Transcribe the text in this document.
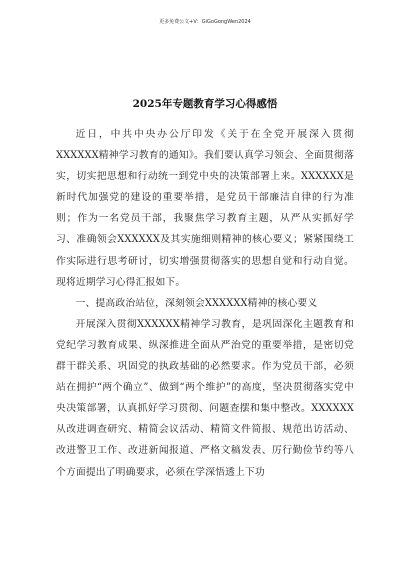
更多免费公文+V：GiGoGongWen2024
2025年专题教育学习心得感悟

近日，中共中央办公厅印发《关于在全党开展深入贯彻XXXXXX精神学习教育的通知》。我们要认真学习领会、全面贯彻落实，切实把思想和行动统一到党中央的决策部署上来。XXXXXX是新时代加强党的建设的重要举措，是党员干部廉洁自律的行为准则；作为一名党员干部，我聚焦学习教育主题，从严从实抓好学习、准确领会XXXXXX及其实施细则精神的核心要义；紧紧围绕工作实际进行思考研讨，切实增强贯彻落实的思想自觉和行动自觉。现将近期学习心得汇报如下。

一、提高政治站位，深刻领会XXXXXX精神的核心要义

开展深入贯彻XXXXXX精神学习教育，是巩固深化主题教育和党纪学习教育成果、纵深推进全面从严治党的重要举措，是密切党群干群关系、巩固党的执政基础的必然要求。作为党员干部，必须站在拥护“两个确立”、做到“两个维护”的高度，坚决贯彻落实党中央决策部署，认真抓好学习贯彻、问题查摆和集中整改。XXXXXX从改进调查研究、精简会议活动、精简文件简报、规范出访活动、改进警卫工作、改进新闻报道、严格文稿发表、厉行勤俭节约等八个方面提出了明确要求，必须在学深悟透上下功
